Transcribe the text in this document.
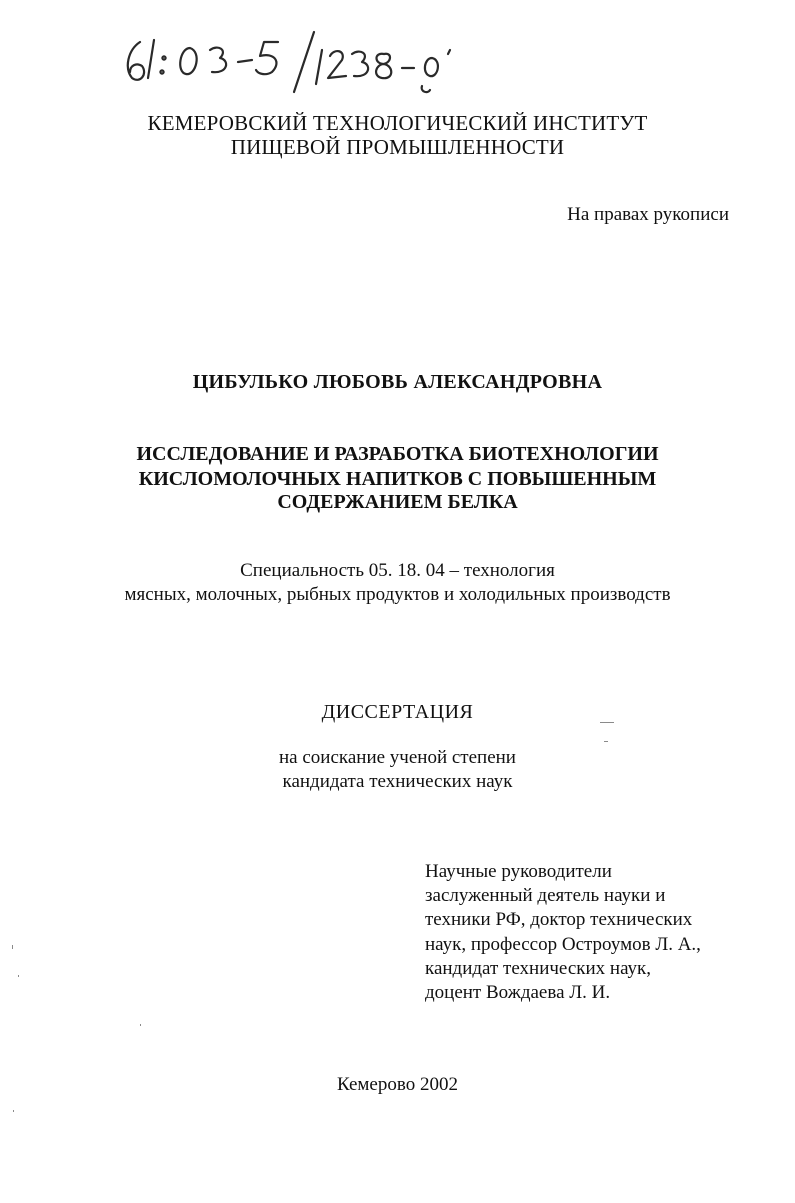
КЕМЕРОВСКИЙ ТЕХНОЛОГИЧЕСКИЙ ИНСТИТУТ
ПИЩЕВОЙ ПРОМЫШЛЕННОСТИ
На правах рукописи
ЦИБУЛЬКО ЛЮБОВЬ АЛЕКСАНДРОВНА
ИССЛЕДОВАНИЕ И РАЗРАБОТКА БИОТЕХНОЛОГИИ
КИСЛОМОЛОЧНЫХ НАПИТКОВ С ПОВЫШЕННЫМ
СОДЕРЖАНИЕМ БЕЛКА
Специальность 05. 18. 04 – технология
мясных, молочных, рыбных продуктов и холодильных производств
ДИССЕРТАЦИЯ
на соискание ученой степени
кандидата технических наук
Научные руководители
заслуженный деятель науки и
техники РФ, доктор технических
наук, профессор Остроумов Л. А.,
кандидат технических наук,
доцент Вождаева Л. И.
Кемерово 2002
